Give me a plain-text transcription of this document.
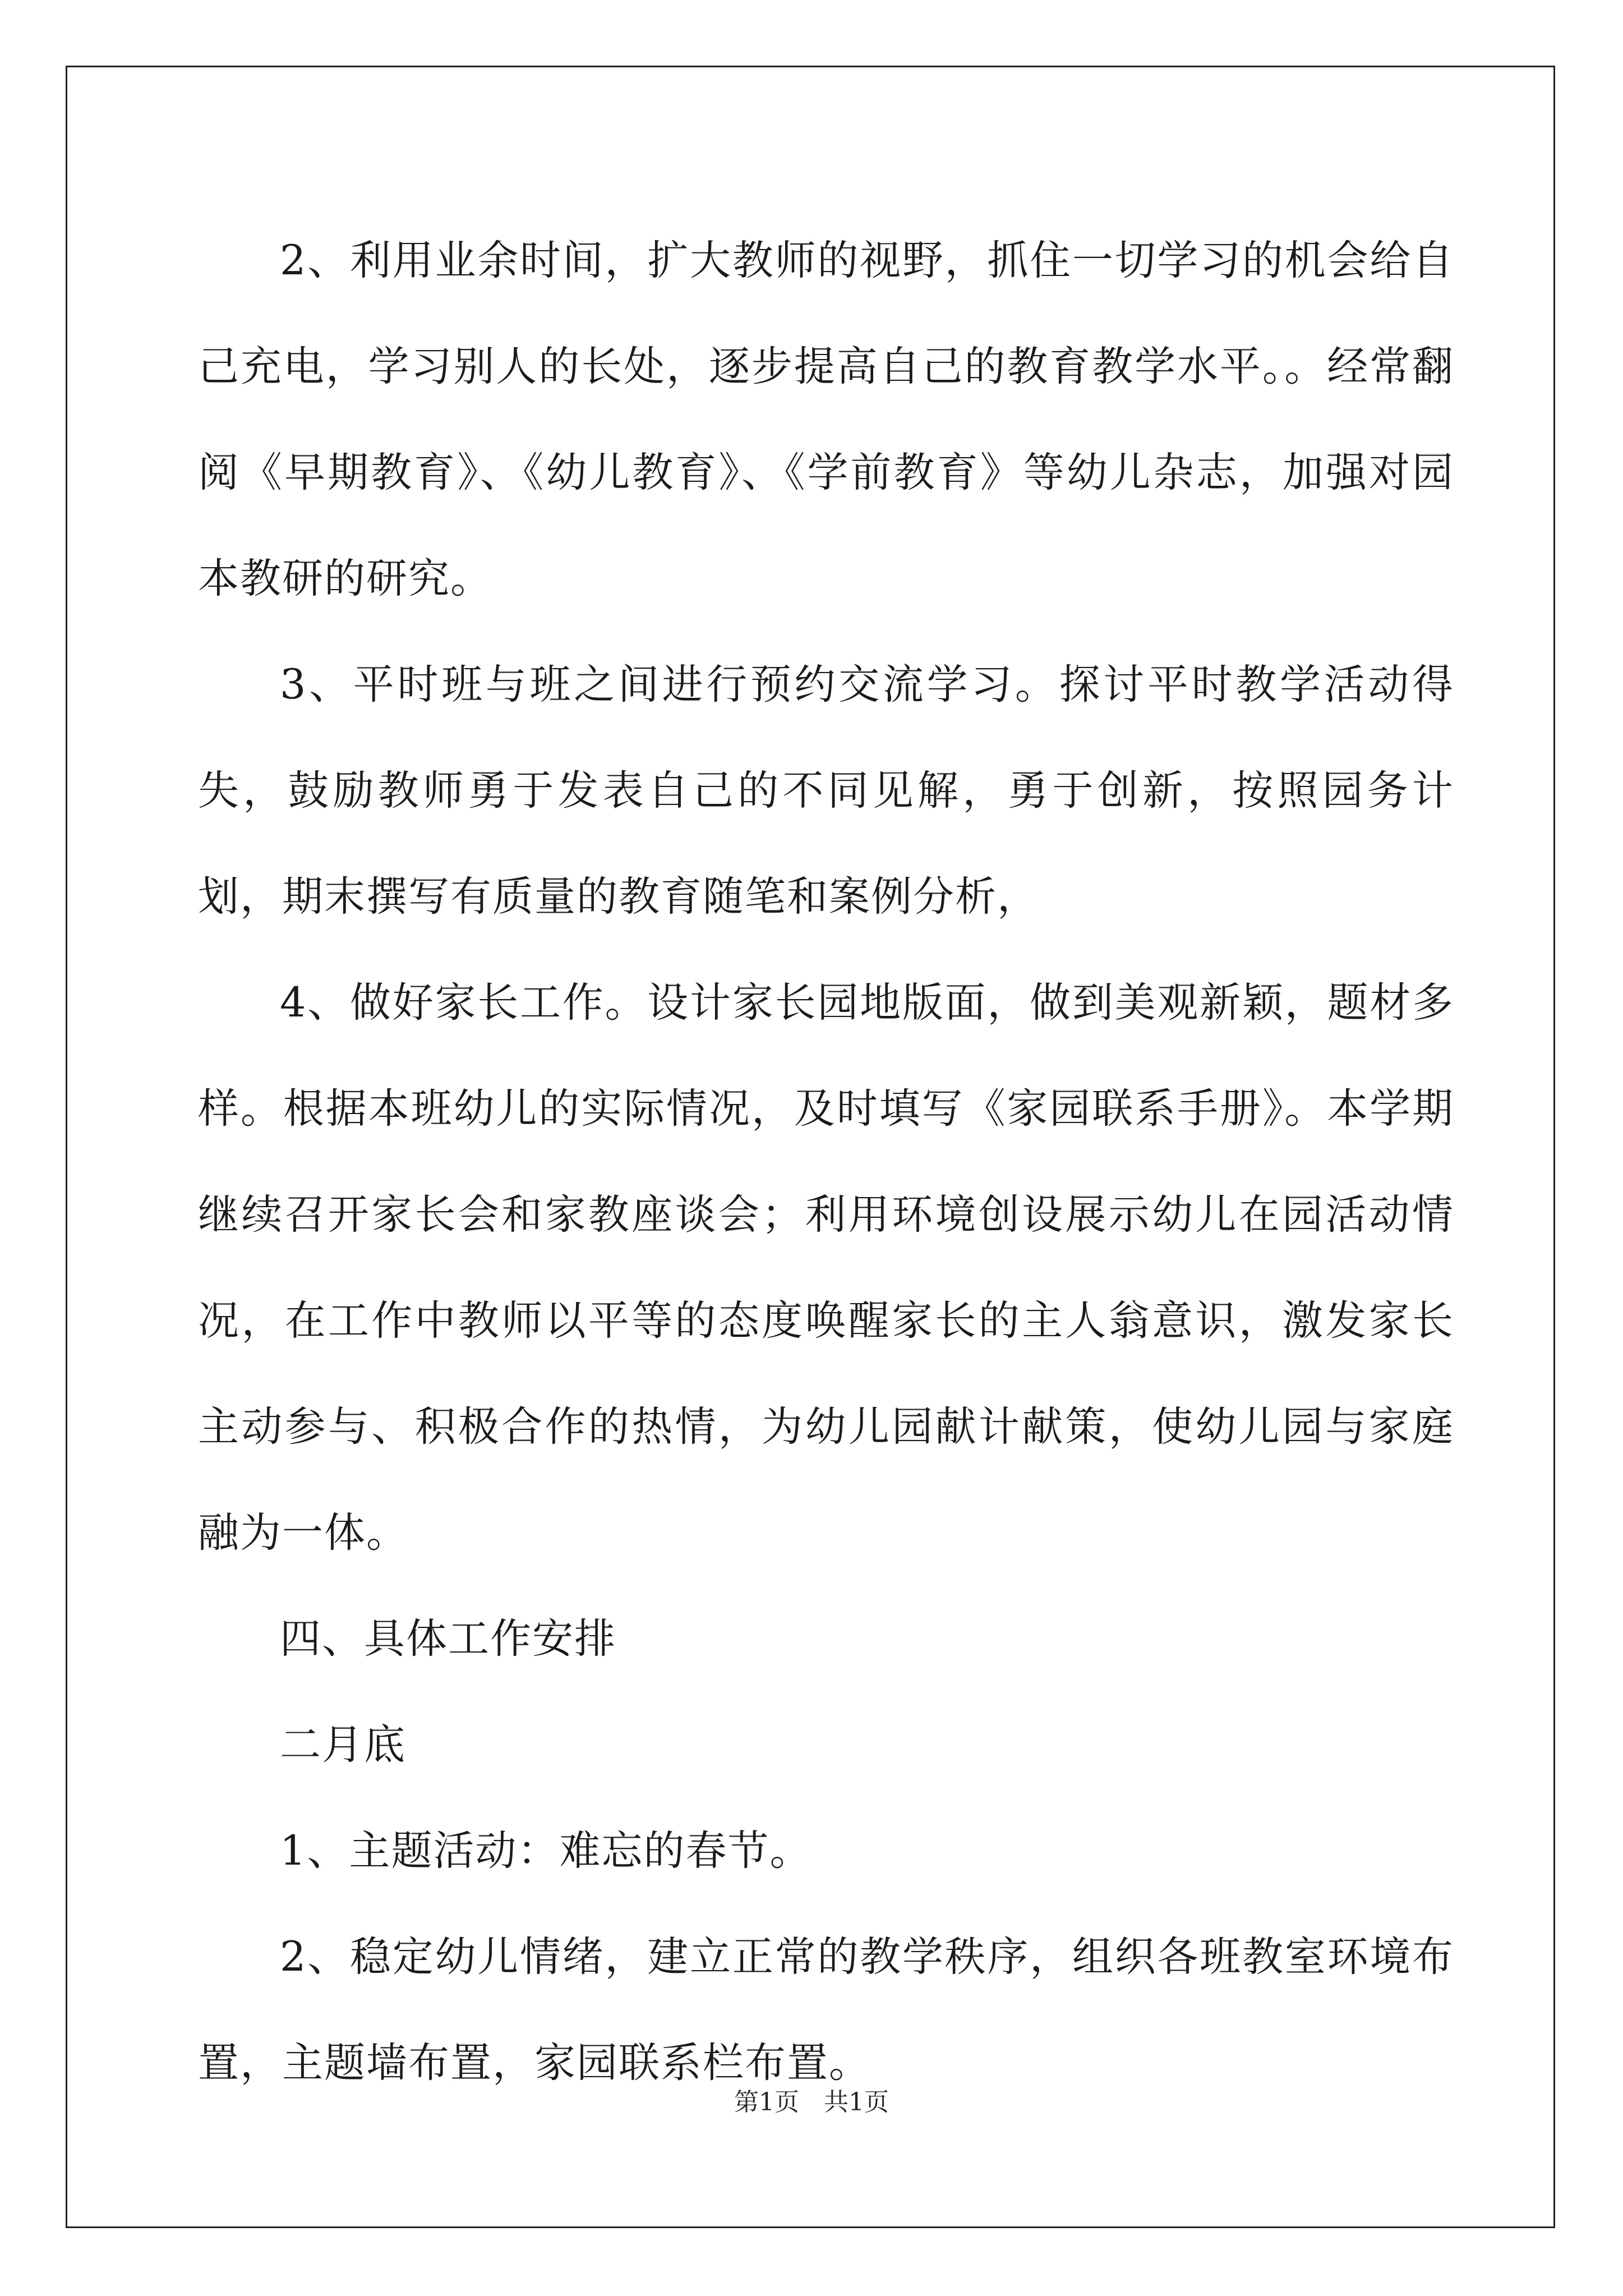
2、利用业余时间，扩大教师的视野，抓住一切学习的机会给自己充电，学习别人的长处，逐步提高自己的教育教学水平。。经常翻阅《早期教育》、《幼儿教育》、《学前教育》等幼儿杂志，加强对园本教研的研究。

3、平时班与班之间进行预约交流学习。探讨平时教学活动得失，鼓励教师勇于发表自己的不同见解，勇于创新，按照园务计划，期末撰写有质量的教育随笔和案例分析，

4、做好家长工作。设计家长园地版面，做到美观新颖，题材多样。根据本班幼儿的实际情况，及时填写《家园联系手册》。本学期继续召开家长会和家教座谈会；利用环境创设展示幼儿在园活动情况，在工作中教师以平等的态度唤醒家长的主人翁意识，激发家长主动参与、积极合作的热情，为幼儿园献计献策，使幼儿园与家庭融为一体。

四、具体工作安排

二月底

1、主题活动：难忘的春节。

2、稳定幼儿情绪，建立正常的教学秩序，组织各班教室环境布置，主题墙布置，家园联系栏布置。

第1页　共1页
